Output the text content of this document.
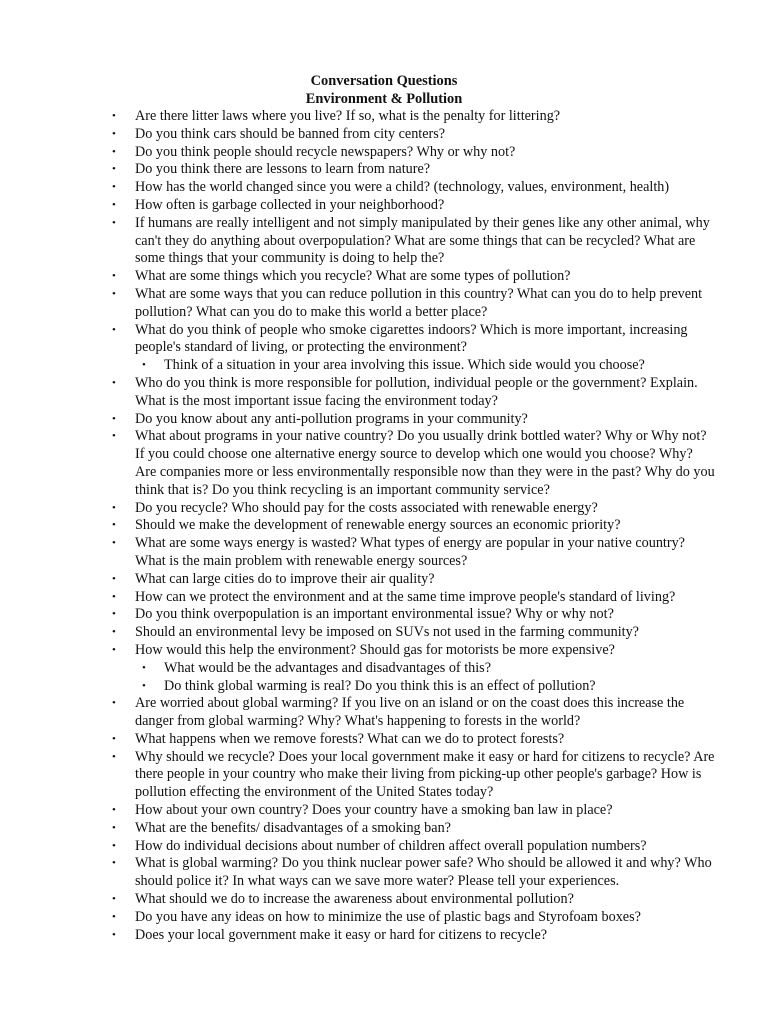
Conversation Questions

Environment & Pollution

• Are there litter laws where you live? If so, what is the penalty for littering?
• Do you think cars should be banned from city centers?
• Do you think people should recycle newspapers? Why or why not?
• Do you think there are lessons to learn from nature?
• How has the world changed since you were a child? (technology, values, environment, health)
• How often is garbage collected in your neighborhood?
• If humans are really intelligent and not simply manipulated by their genes like any other animal, why can't they do anything about overpopulation? What are some things that can be recycled? What are some things that your community is doing to help the?
• What are some things which you recycle? What are some types of pollution?
• What are some ways that you can reduce pollution in this country? What can you do to help prevent pollution? What can you do to make this world a better place?
• What do you think of people who smoke cigarettes indoors? Which is more important, increasing people's standard of living, or protecting the environment?
• Think of a situation in your area involving this issue. Which side would you choose?
• Who do you think is more responsible for pollution, individual people or the government? Explain. What is the most important issue facing the environment today?
• Do you know about any anti-pollution programs in your community?
• What about programs in your native country? Do you usually drink bottled water? Why or Why not? If you could choose one alternative energy source to develop which one would you choose? Why? Are companies more or less environmentally responsible now than they were in the past? Why do you think that is? Do you think recycling is an important community service?
• Do you recycle? Who should pay for the costs associated with renewable energy?
• Should we make the development of renewable energy sources an economic priority?
• What are some ways energy is wasted? What types of energy are popular in your native country? What is the main problem with renewable energy sources?
• What can large cities do to improve their air quality?
• How can we protect the environment and at the same time improve people's standard of living?
• Do you think overpopulation is an important environmental issue? Why or why not?
• Should an environmental levy be imposed on SUVs not used in the farming community?
• How would this help the environment? Should gas for motorists be more expensive?
• What would be the advantages and disadvantages of this?
• Do think global warming is real? Do you think this is an effect of pollution?
• Are worried about global warming? If you live on an island or on the coast does this increase the danger from global warming? Why? What's happening to forests in the world?
• What happens when we remove forests? What can we do to protect forests?
• Why should we recycle? Does your local government make it easy or hard for citizens to recycle? Are there people in your country who make their living from picking-up other people's garbage? How is pollution effecting the environment of the United States today?
• How about your own country? Does your country have a smoking ban law in place?
• What are the benefits/ disadvantages of a smoking ban?
• How do individual decisions about number of children affect overall population numbers?
• What is global warming? Do you think nuclear power safe? Who should be allowed it and why? Who should police it? In what ways can we save more water? Please tell your experiences.
• What should we do to increase the awareness about environmental pollution?
• Do you have any ideas on how to minimize the use of plastic bags and Styrofoam boxes?
• Does your local government make it easy or hard for citizens to recycle?
